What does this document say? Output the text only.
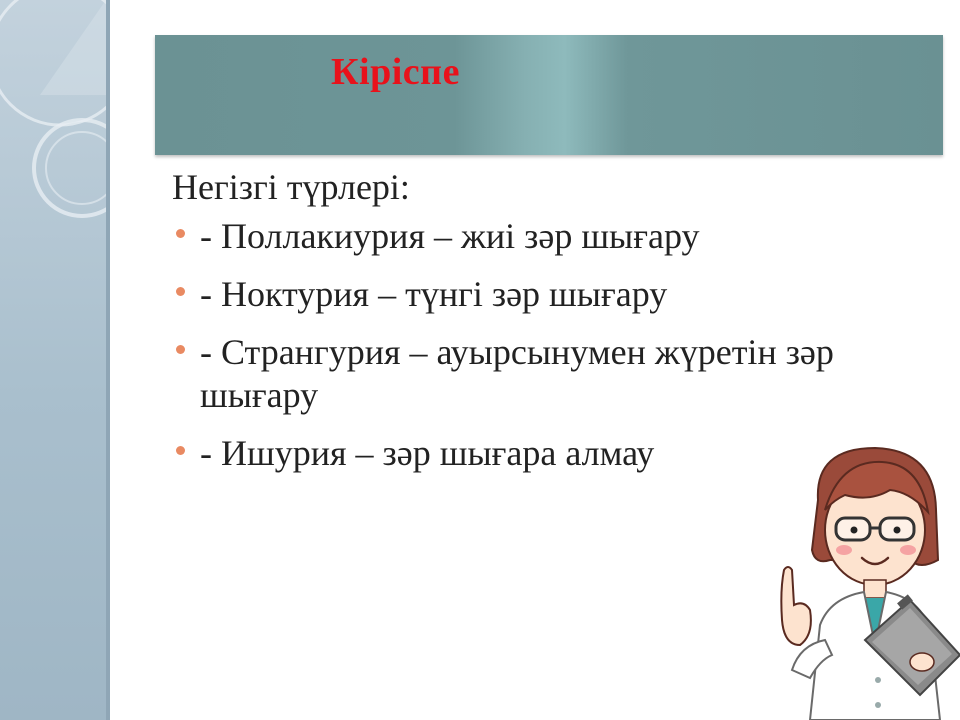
Кіріспе
Негізгі түрлері:
- Поллакиурия – жиі зәр шығару
- Ноктурия – түнгі зәр шығару
- Странгурия – ауырсынумен жүретін зәр шығару
- Ишурия – зәр шығара алмау
